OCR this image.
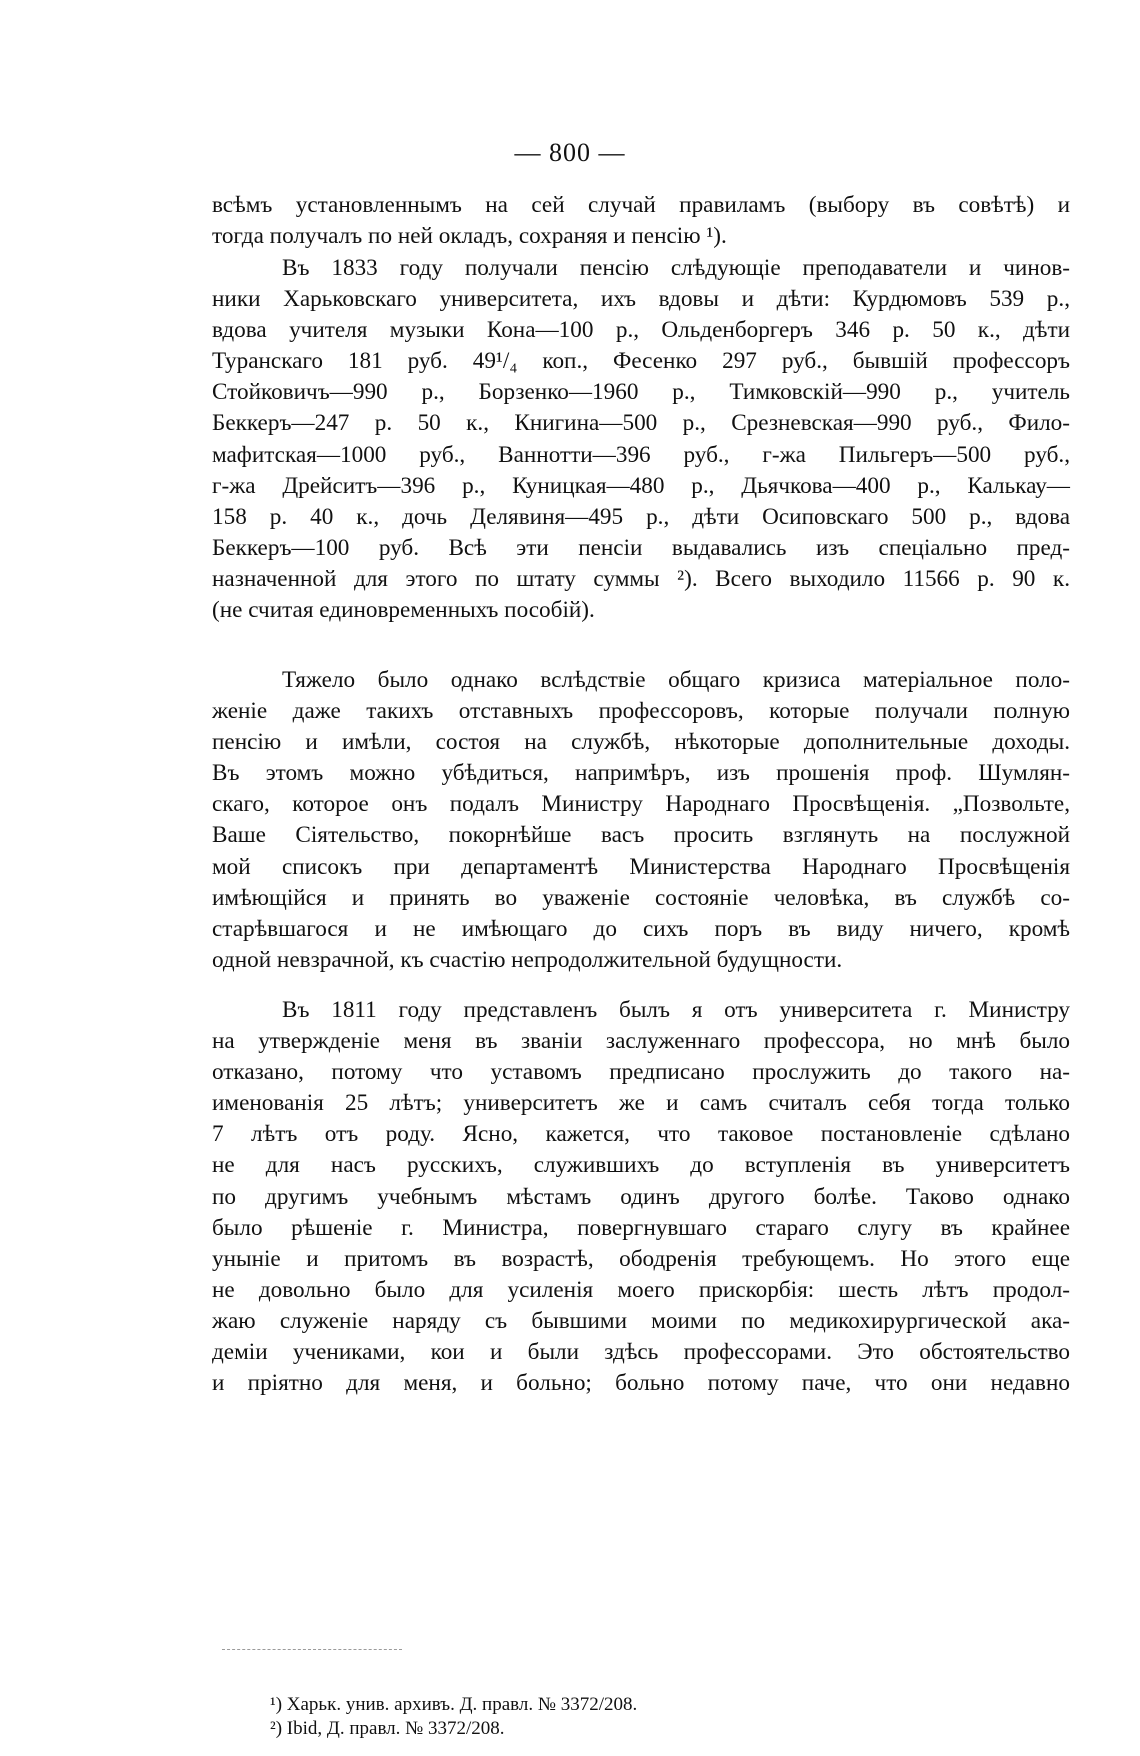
— 800 —

всѣмъ установленнымъ на сей случай правиламъ (выбору въ совѣтѣ) и

тогда получалъ по ней окладъ, сохраняя и пенсію ¹).

Въ 1833 году получали пенсію слѣдующіе преподаватели и чинов-

ники Харьковскаго университета, ихъ вдовы и дѣти: Курдюмовъ 539 р.,

вдова учителя музыки Кона—100 р., Ольденборгеръ 346 р. 50 к., дѣти

Туранскаго 181 руб. 49¹/₄ коп., Фесенко 297 руб., бывшій профессоръ

Стойковичъ—990 р., Борзенко—1960 р., Тимковскій—990 р., учитель

Беккеръ—247 р. 50 к., Книгина—500 р., Срезневская—990 руб., Фило-

мафитская—1000 руб., Ваннотти—396 руб., г-жа Пильгеръ—500 руб.,

г-жа Дрейситъ—396 р., Куницкая—480 р., Дьячкова—400 р., Калькау—

158 р. 40 к., дочь Делявиня—495 р., дѣти Осиповскаго 500 р., вдова

Беккеръ—100 руб. Всѣ эти пенсіи выдавались изъ спеціально пред-

назначенной для этого по штату суммы ²). Всего выходило 11566 р. 90 к.

(не считая единовременныхъ пособій).

Тяжело было однако вслѣдствіе общаго кризиса матеріальное поло-

женіе даже такихъ отставныхъ профессоровъ, которые получали полную

пенсію и имѣли, состоя на службѣ, нѣкоторые дополнительные доходы.

Въ этомъ можно убѣдиться, напримѣръ, изъ прошенія проф. Шумлян-

скаго, которое онъ подалъ Министру Народнаго Просвѣщенія. „Позвольте,

Ваше Сіятельство, покорнѣйше васъ просить взглянуть на послужной

мой списокъ при департаментѣ Министерства Народнаго Просвѣщенія

имѣющійся и принять во уваженіе состояніе человѣка, въ службѣ со-

старѣвшагося и не имѣющаго до сихъ поръ въ виду ничего, кромѣ

одной невзрачной, къ счастію непродолжительной будущности.

Въ 1811 году представленъ былъ я отъ университета г. Министру

на утвержденіе меня въ званіи заслуженнаго профессора, но мнѣ было

отказано, потому что уставомъ предписано прослужить до такого на-

именованія 25 лѣтъ; университетъ же и самъ считалъ себя тогда только

7 лѣтъ отъ роду. Ясно, кажется, что таковое постановленіе сдѣлано

не для насъ русскихъ, служившихъ до вступленія въ университетъ

по другимъ учебнымъ мѣстамъ одинъ другого болѣе. Таково однако

было рѣшеніе г. Министра, повергнувшаго стараго слугу въ крайнее

уныніе и притомъ въ возрастѣ, ободренія требующемъ. Но этого еще

не довольно было для усиленія моего прискорбія: шесть лѣтъ продол-

жаю служеніе наряду съ бывшими моими по медикохирургической ака-

деміи учениками, кои и были здѣсь профессорами. Это обстоятельство

и пріятно для меня, и больно; больно потому паче, что они недавно

¹) Харьк. унив. архивъ. Д. правл. № 3372/208.
²) Ibid, Д. правл. № 3372/208.
